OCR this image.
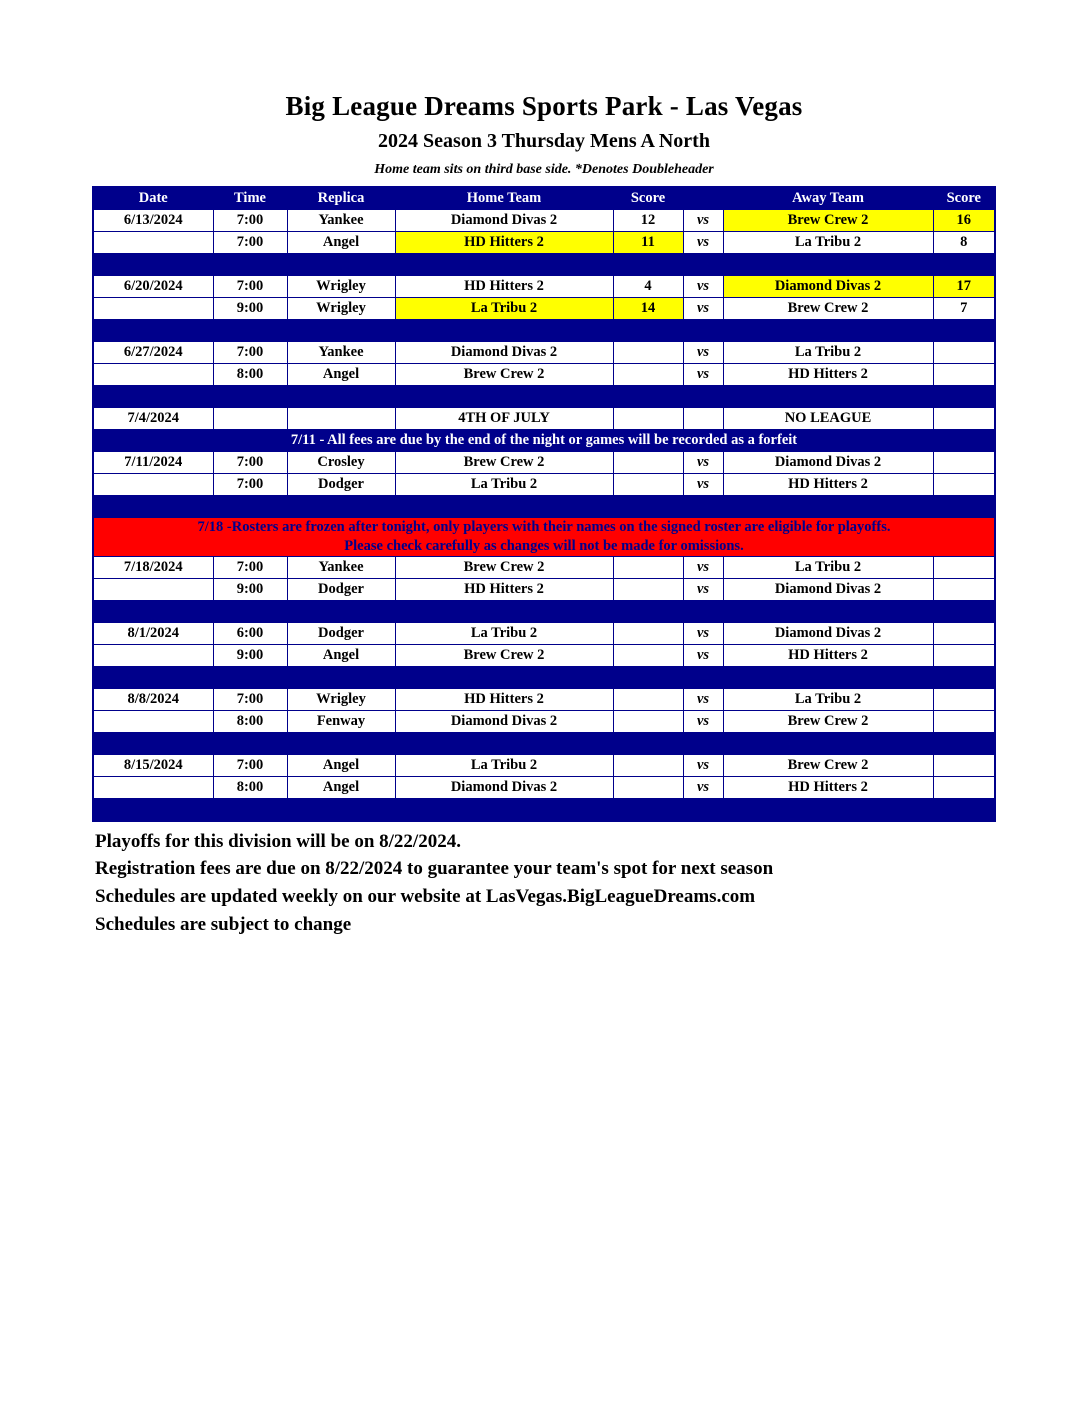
Big League Dreams Sports Park - Las Vegas
2024 Season 3 Thursday Mens A North
Home team sits on third base side. *Denotes Doubleheader
Date	Time	Replica	Home Team	Score		Away Team	Score
6/13/2024	7:00	Yankee	Diamond Divas 2	12	vs	Brew Crew 2	16
	7:00	Angel	HD Hitters 2	11	vs	La Tribu 2	8

6/20/2024	7:00	Wrigley	HD Hitters 2	4	vs	Diamond Divas 2	17
	9:00	Wrigley	La Tribu 2	14	vs	Brew Crew 2	7

6/27/2024	7:00	Yankee	Diamond Divas 2		vs	La Tribu 2	
	8:00	Angel	Brew Crew 2		vs	HD Hitters 2	

7/4/2024			4TH OF JULY			NO LEAGUE	
7/11 - All fees are due by the end of the night or games will be recorded as a forfeit							
7/11/2024	7:00	Crosley	Brew Crew 2		vs	Diamond Divas 2	
	7:00	Dodger	La Tribu 2		vs	HD Hitters 2	

7/18 -Rosters are frozen after tonight, only players with their names on the signed roster are eligible for playoffs.
Please check carefully as changes will not be made for omissions.							

7/18/2024	7:00	Yankee	Brew Crew 2		vs	La Tribu 2	
	9:00	Dodger	HD Hitters 2		vs	Diamond Divas 2	

8/1/2024	6:00	Dodger	La Tribu 2		vs	Diamond Divas 2	
	9:00	Angel	Brew Crew 2		vs	HD Hitters 2	

8/8/2024	7:00	Wrigley	HD Hitters 2		vs	La Tribu 2	
	8:00	Fenway	Diamond Divas 2		vs	Brew Crew 2	

8/15/2024	7:00	Angel	La Tribu 2		vs	Brew Crew 2	
	8:00	Angel	Diamond Divas 2		vs	HD Hitters 2	

Playoffs for this division will be on 8/22/2024.
Registration fees are due on 8/22/2024 to guarantee your team's spot for next season
Schedules are updated weekly on our website at LasVegas.BigLeagueDreams.com
Schedules are subject to change
